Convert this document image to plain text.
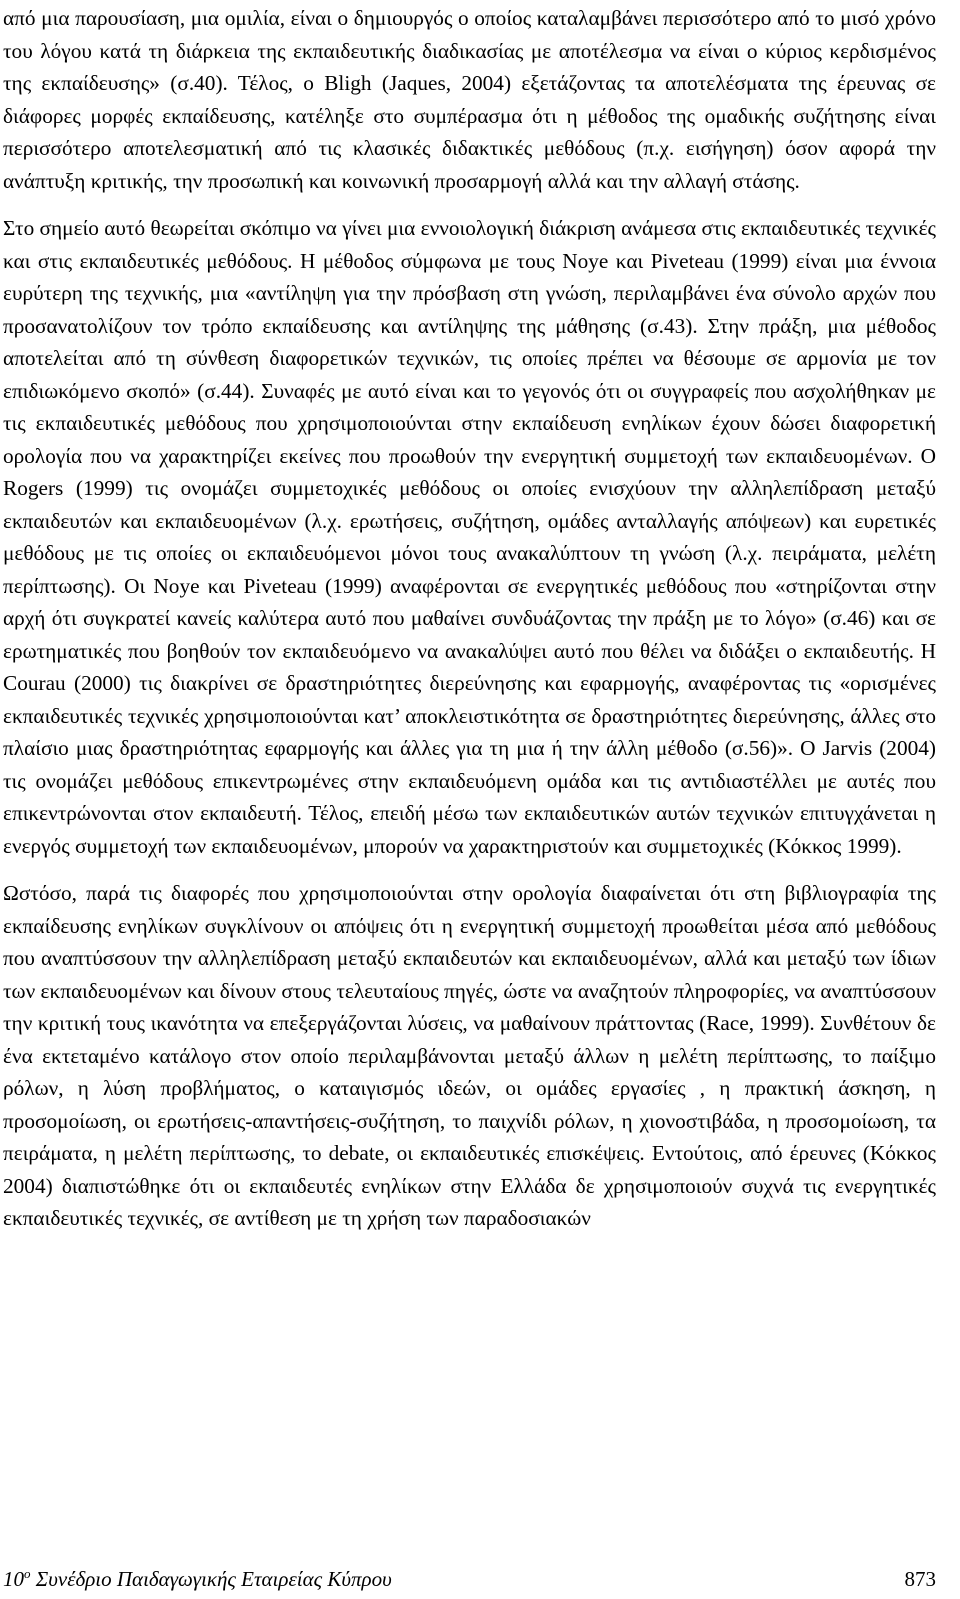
από μια παρουσίαση, μια ομιλία, είναι ο δημιουργός ο οποίος καταλαμβάνει περισσότερο από το μισό χρόνο του λόγου κατά τη διάρκεια της εκπαιδευτικής διαδικασίας με αποτέλεσμα να είναι ο κύριος κερδισμένος της εκπαίδευσης» (σ.40). Τέλος, ο Bligh (Jaques, 2004) εξετάζοντας τα αποτελέσματα της έρευνας σε διάφορες μορφές εκπαίδευσης, κατέληξε στο συμπέρασμα ότι η μέθοδος της ομαδικής συζήτησης είναι περισσότερο αποτελεσματική από τις κλασικές διδακτικές μεθόδους (π.χ. εισήγηση) όσον αφορά την ανάπτυξη κριτικής, την προσωπική και κοινωνική προσαρμογή αλλά και την αλλαγή στάσης.

Στο σημείο αυτό θεωρείται σκόπιμο να γίνει μια εννοιολογική διάκριση ανάμεσα στις εκπαιδευτικές τεχνικές και στις εκπαιδευτικές μεθόδους. Η μέθοδος σύμφωνα με τους Noye και Piveteau (1999) είναι μια έννοια ευρύτερη της τεχνικής, μια «αντίληψη για την πρόσβαση στη γνώση, περιλαμβάνει ένα σύνολο αρχών που προσανατολίζουν τον τρόπο εκπαίδευσης και αντίληψης της μάθησης (σ.43). Στην πράξη, μια μέθοδος αποτελείται από τη σύνθεση διαφορετικών τεχνικών, τις οποίες πρέπει να θέσουμε σε αρμονία με τον επιδιωκόμενο σκοπό» (σ.44). Συναφές με αυτό είναι και το γεγονός ότι οι συγγραφείς που ασχολήθηκαν με τις εκπαιδευτικές μεθόδους που χρησιμοποιούνται στην εκπαίδευση ενηλίκων έχουν δώσει διαφορετική ορολογία που να χαρακτηρίζει εκείνες που προωθούν την ενεργητική συμμετοχή των εκπαιδευομένων. Ο Rogers (1999) τις ονομάζει συμμετοχικές μεθόδους οι οποίες ενισχύουν την αλληλεπίδραση μεταξύ εκπαιδευτών και εκπαιδευομένων (λ.χ. ερωτήσεις, συζήτηση, ομάδες ανταλλαγής απόψεων) και ευρετικές μεθόδους με τις οποίες οι εκπαιδευόμενοι μόνοι τους ανακαλύπτουν τη γνώση (λ.χ. πειράματα, μελέτη περίπτωσης). Οι Noye και Piveteau (1999) αναφέρονται σε ενεργητικές μεθόδους που «στηρίζονται στην αρχή ότι συγκρατεί κανείς καλύτερα αυτό που μαθαίνει συνδυάζοντας την πράξη με το λόγο» (σ.46) και σε ερωτηματικές που βοηθούν τον εκπαιδευόμενο να ανακαλύψει αυτό που θέλει να διδάξει ο εκπαιδευτής. Η Courau (2000) τις διακρίνει σε δραστηριότητες διερεύνησης και εφαρμογής, αναφέροντας τις «ορισμένες εκπαιδευτικές τεχνικές χρησιμοποιούνται κατ’ αποκλειστικότητα σε δραστηριότητες διερεύνησης, άλλες στο πλαίσιο μιας δραστηριότητας εφαρμογής και άλλες για τη μια ή την άλλη μέθοδο (σ.56)». Ο Jarvis (2004) τις ονομάζει μεθόδους επικεντρωμένες στην εκπαιδευόμενη ομάδα και τις αντιδιαστέλλει με αυτές που επικεντρώνονται στον εκπαιδευτή. Τέλος, επειδή μέσω των εκπαιδευτικών αυτών τεχνικών επιτυγχάνεται η ενεργός συμμετοχή των εκπαιδευομένων, μπορούν να χαρακτηριστούν και συμμετοχικές (Κόκκος 1999).

Ωστόσο, παρά τις διαφορές που χρησιμοποιούνται στην ορολογία διαφαίνεται ότι στη βιβλιογραφία της εκπαίδευσης ενηλίκων συγκλίνουν οι απόψεις ότι η ενεργητική συμμετοχή προωθείται μέσα από μεθόδους που αναπτύσσουν την αλληλεπίδραση μεταξύ εκπαιδευτών και εκπαιδευομένων, αλλά και μεταξύ των ίδιων των εκπαιδευομένων και δίνουν στους τελευταίους πηγές, ώστε να αναζητούν πληροφορίες, να αναπτύσσουν την κριτική τους ικανότητα να επεξεργάζονται λύσεις, να μαθαίνουν πράττοντας (Race, 1999). Συνθέτουν δε ένα εκτεταμένο κατάλογο στον οποίο περιλαμβάνονται μεταξύ άλλων η μελέτη περίπτωσης, το παίξιμο ρόλων, η λύση προβλήματος, ο καταιγισμός ιδεών, οι ομάδες εργασίες , η πρακτική άσκηση, η προσομοίωση, οι ερωτήσεις-απαντήσεις-συζήτηση, το παιχνίδι ρόλων, η χιονοστιβάδα, η προσομοίωση, τα πειράματα, η μελέτη περίπτωσης, το debate, οι εκπαιδευτικές επισκέψεις. Εντούτοις, από έρευνες (Κόκκος 2004) διαπιστώθηκε ότι οι εκπαιδευτές ενηλίκων στην Ελλάδα δε χρησιμοποιούν συχνά τις ενεργητικές εκπαιδευτικές τεχνικές, σε αντίθεση με τη χρήση των παραδοσιακών

$10^o$ Συνέδριο Παιδαγωγικής Εταιρείας Κύπρου	873
